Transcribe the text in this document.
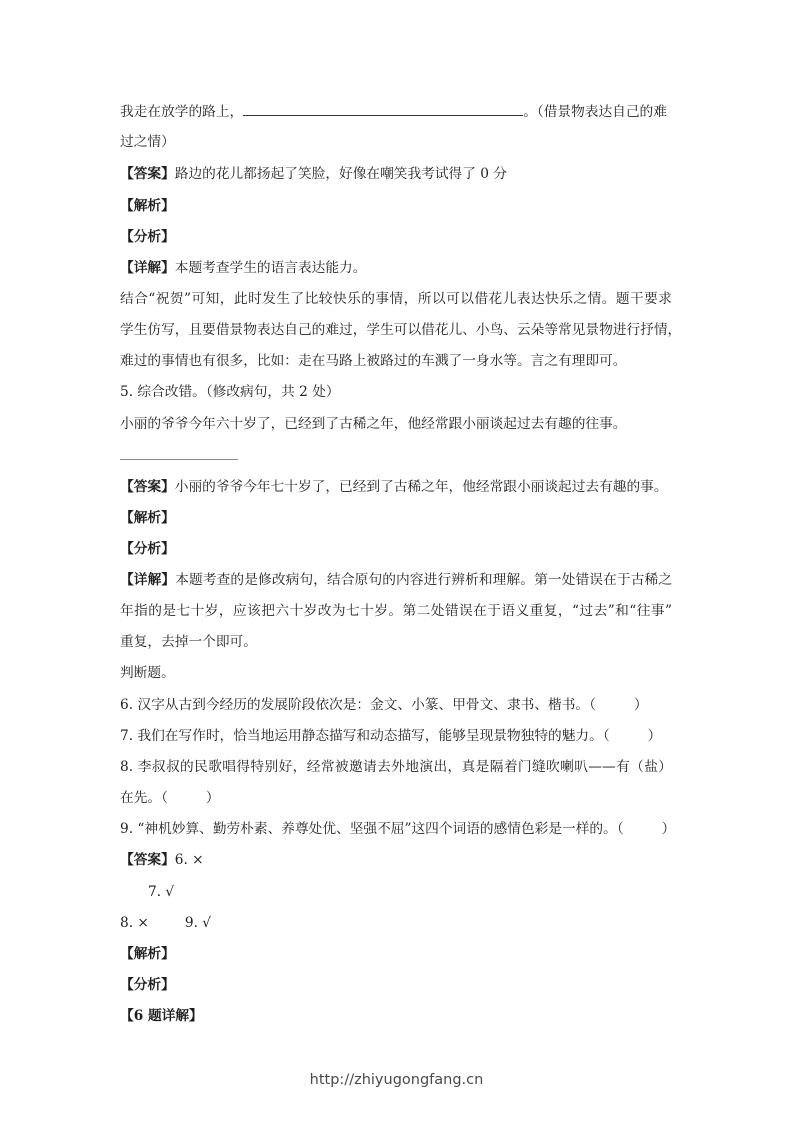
我走在放学的路上，	。（借景物表达自己的难
过之情）
【答案】路边的花儿都扬起了笑脸，好像在嘲笑我考试得了 0 分
【解析】
【分析】
【详解】本题考查学生的语言表达能力。
结合“祝贺”可知，此时发生了比较快乐的事情，所以可以借花儿表达快乐之情。题干要求
学生仿写，且要借景物表达自己的难过，学生可以借花儿、小鸟、云朵等常见景物进行抒情，
难过的事情也有很多，比如：走在马路上被路过的车溅了一身水等。言之有理即可。
5. 综合改错。（修改病句，共 2 处）
小丽的爷爷今年六十岁了，已经到了古稀之年，他经常跟小丽谈起过去有趣的往事。
【答案】小丽的爷爷今年七十岁了，已经到了古稀之年，他经常跟小丽谈起过去有趣的事。
【解析】
【分析】
【详解】本题考查的是修改病句，结合原句的内容进行辨析和理解。第一处错误在于古稀之
年指的是七十岁，应该把六十岁改为七十岁。第二处错误在于语义重复，“过去”和“往事”
重复，去掉一个即可。
判断题。
6. 汉字从古到今经历的发展阶段依次是：金文、小篆、甲骨文、隶书、楷书。（	）
7. 我们在写作时，恰当地运用静态描写和动态描写，能够呈现景物独特的魅力。（	）
8. 李叔叔的民歌唱得特别好，经常被邀请去外地演出，真是隔着门缝吹喇叭——有（盐）
在先。（	）
9. “神机妙算、勤劳朴素、养尊处优、坚强不屈”这四个词语的感情色彩是一样的。（	）
【答案】6. ×
7. √
8. ×	9. √
【解析】
【分析】
【6 题详解】
http://zhiyugongfang.cn
